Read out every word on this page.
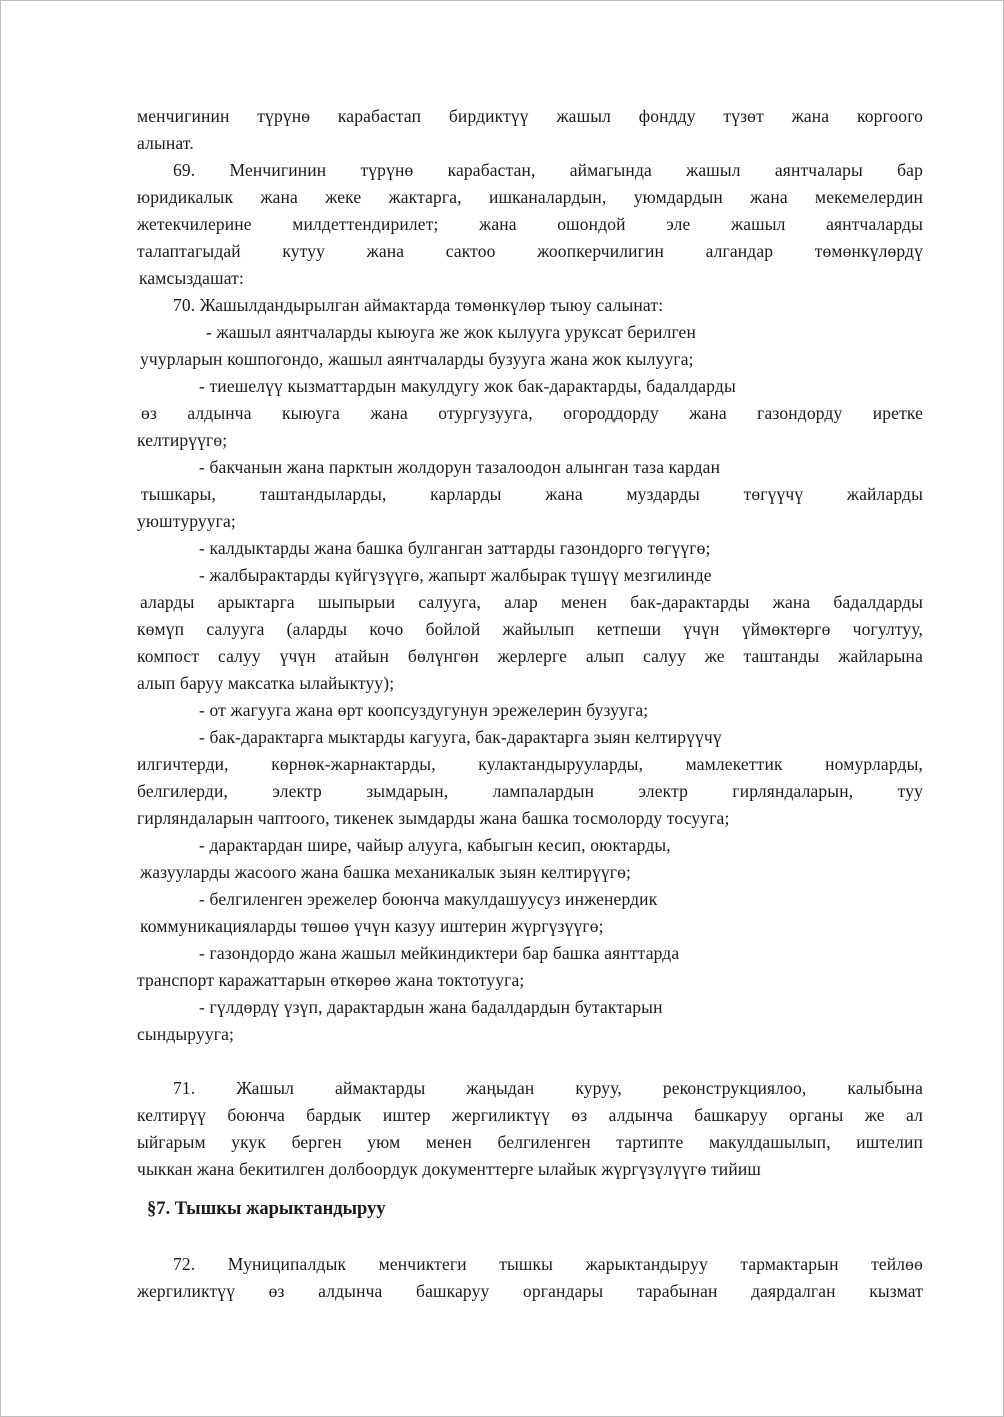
менчигинин түрүнө карабастап бирдиктүү жашыл фондду түзөт жана коргоого
алынат.
69. Менчигинин түрүнө карабастан, аймагында жашыл аянтчалары бар
юридикалык жана жеке жактарга, ишканалардын, уюмдардын жана мекемелердин
жетекчилерине милдеттендирилет; жана ошондой эле жашыл аянтчаларды
талаптагыдай кутуу жана сактоо жоопкерчилигин алгандар төмөнкүлөрдү
камсыздашат:
70. Жашылдандырылган аймактарда төмөнкүлөр тыюу салынат:
- жашыл аянтчаларды кыюуга же жок кылууга уруксат берилген
учурларын кошпогондо, жашыл аянтчаларды бузууга жана жок кылууга;
- тиешелүү кызматтардын макулдугу жок бак-дарактарды, бадалдарды
өз алдынча кыюуга жана отургузууга, огороддорду жана газондорду иретке
келтирүүгө;
- бакчанын жана парктын жолдорун тазалоодон алынган таза кардан
тышкары, таштандыларды, карларды жана муздарды төгүүчү жайларды
уюштурууга;
- калдыктарды жана башка булганган заттарды газондорго төгүүгө;
- жалбырактарды күйгүзүүгө, жапырт жалбырак түшүү мезгилинде
аларды арыктарга шыпырыи салууга, алар менен бак-дарактарды жана бадалдарды
көмүп салууга (аларды кочо бойлой жайылып кетпеши үчүн үймөктөргө чогултуу,
компост салуу үчүн атайын бөлүнгөн жерлерге алып салуу же таштанды жайларына
алып баруу максатка ылайыктуу);
- от жагууга жана өрт коопсуздугунун эрежелерин бузууга;
- бак-дарактарга мыктарды кагууга, бак-дарактарга зыян келтирүүчү
илгичтерди, көрнөк-жарнактарды, кулактандырууларды, мамлекеттик номурларды,
белгилерди, электр зымдарын, лампалардын электр гирляндаларын, туу
гирляндаларын чаптоого, тикенек зымдарды жана башка тосмолорду тосууга;
- дарактардан шире, чайыр алууга, кабыгын кесип, оюктарды,
жазууларды жасоого жана башка механикалык зыян келтирүүгө;
- белгиленген эрежелер боюнча макулдашуусуз инженердик
коммуникацияларды төшөө үчүн казуу иштерин жүргүзүүгө;
- газондордо жана жашыл мейкиндиктери бар башка аянттарда
транспорт каражаттарын өткөрөө жана токтотууга;
- гүлдөрдү үзүп, дарактардын жана бадалдардын бутактарын
сындырууга;
71. Жашыл аймактарды жаңыдан куруу, реконструкциялоо, калыбына
келтирүү боюнча бардык иштер жергиликтүү өз алдынча башкаруу органы же ал
ыйгарым укук берген уюм менен белгиленген тартипте макулдашылып, иштелип
чыккан жана бекитилген долбоордук документтерге ылайык жүргүзүлүүгө тийиш
§7. Тышкы жарыктандыруу
72. Муниципалдык менчиктеги тышкы жарыктандыруу тармактарын тейлөө
жергиликтүү өз алдынча башкаруу органдары тарабынан даярдалган кызмат
